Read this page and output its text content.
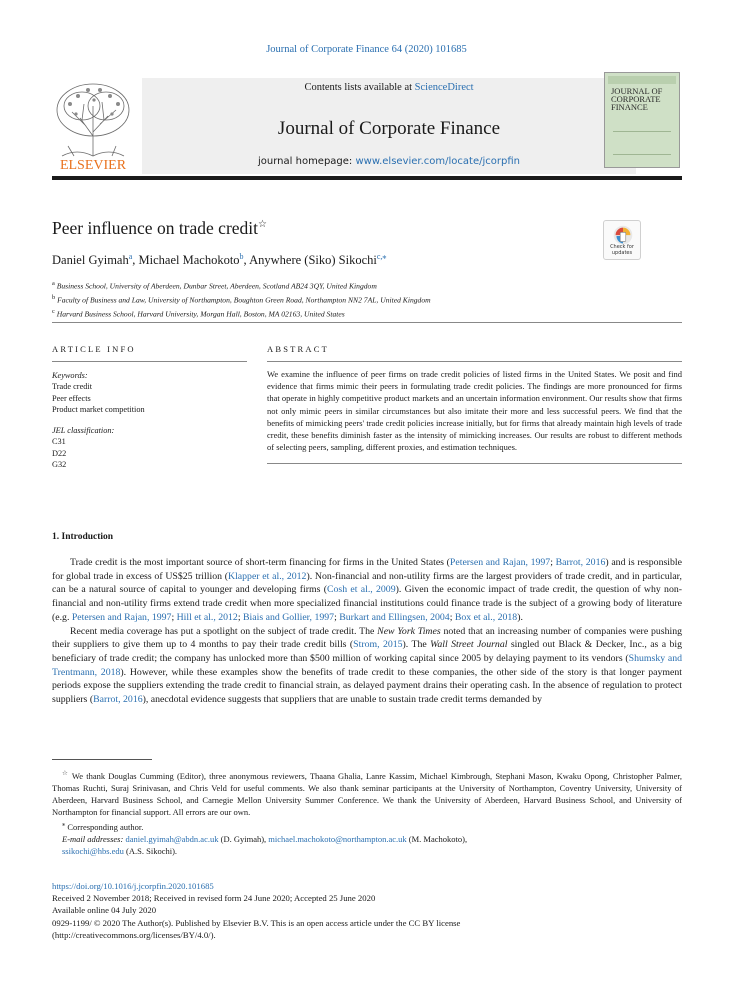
Journal of Corporate Finance 64 (2020) 101685
ELSEVIER
Contents lists available at ScienceDirect
Journal of Corporate Finance
journal homepage: www.elsevier.com/locate/jcorpfin
JOURNAL OF CORPORATE FINANCE
Peer influence on trade credit☆
Check for updates
Daniel Gyimah$^a$, Michael Machokoto$^b$, Anywhere (Siko) Sikochi$^{c,⁎}$
$^a$ Business School, University of Aberdeen, Dunbar Street, Aberdeen, Scotland AB24 3QY, United Kingdom
$^b$ Faculty of Business and Law, University of Northampton, Boughton Green Road, Northampton NN2 7AL, United Kingdom
$^c$ Harvard Business School, Harvard University, Morgan Hall, Boston, MA 02163, United States
ARTICLE INFO
Keywords:
Trade credit
Peer effects
Product market competition
JEL classification:
C31
D22
G32
ABSTRACT
We examine the influence of peer firms on trade credit policies of listed firms in the United States. We posit and find evidence that firms mimic their peers in formulating trade credit policies. The findings are more pronounced for firms that operate in highly competitive product markets and an uncertain information environment. Our results show that firms not only mimic peers in similar circumstances but also imitate their more and less successful peers. We find that the benefits of mimicking peers' trade credit policies increase initially, but for firms that already maintain high levels of trade credit, these benefits diminish faster as the intensity of mimicking increases. Our results are robust to different methods of selecting peers, sampling, different proxies, and estimation techniques.
1. Introduction

Trade credit is the most important source of short-term financing for firms in the United States (Petersen and Rajan, 1997; Barrot, 2016) and is responsible for global trade in excess of US$25 trillion (Klapper et al., 2012). Non-financial and non-utility firms are the largest providers of trade credit, and in particular, can be a natural source of capital to younger and developing firms (Cosh et al., 2009). Given the economic impact of trade credit, the question of why non-financial and non-utility firms extend trade credit when more specialized financial institutions could finance trade is the subject of a growing body of literature (e.g. Petersen and Rajan, 1997; Hill et al., 2012; Biais and Gollier, 1997; Burkart and Ellingsen, 2004; Box et al., 2018).

Recent media coverage has put a spotlight on the subject of trade credit. The New York Times noted that an increasing number of companies were pushing their suppliers to give them up to 4 months to pay their trade credit bills (Strom, 2015). The Wall Street Journal singled out Black & Decker, Inc., as a big beneficiary of trade credit; the company has unlocked more than $500 million of working capital since 2005 by delaying payment to its vendors (Shumsky and Trentmann, 2018). However, while these examples show the benefits of trade credit to these companies, the other side of the story is that longer payment periods expose the suppliers extending the trade credit to financial strain, as delayed payment drains their operating cash. In the absence of regulation to protect suppliers (Barrot, 2016), anecdotal evidence suggests that suppliers that are unable to sustain trade credit terms demanded by

☆ We thank Douglas Cumming (Editor), three anonymous reviewers, Thaana Ghalia, Lanre Kassim, Michael Kimbrough, Stephani Mason, Kwaku Opong, Christopher Palmer, Thomas Ruchti, Suraj Srinivasan, and Chris Veld for useful comments. We also thank seminar participants at the University of Northampton, Coventry University, University of Aberdeen, Harvard Business School, and Carnegie Mellon University Summer Conference. We thank the University of Aberdeen, Harvard Business School, and University of Northampton for financial support. All errors are our own.
⁎ Corresponding author.
E-mail addresses: daniel.gyimah@abdn.ac.uk (D. Gyimah), michael.machokoto@northampton.ac.uk (M. Machokoto),
ssikochi@hbs.edu (A.S. Sikochi).
https://doi.org/10.1016/j.jcorpfin.2020.101685
Received 2 November 2018; Received in revised form 24 June 2020; Accepted 25 June 2020
Available online 04 July 2020
0929-1199/ © 2020 The Author(s). Published by Elsevier B.V. This is an open access article under the CC BY license
(http://creativecommons.org/licenses/BY/4.0/).
